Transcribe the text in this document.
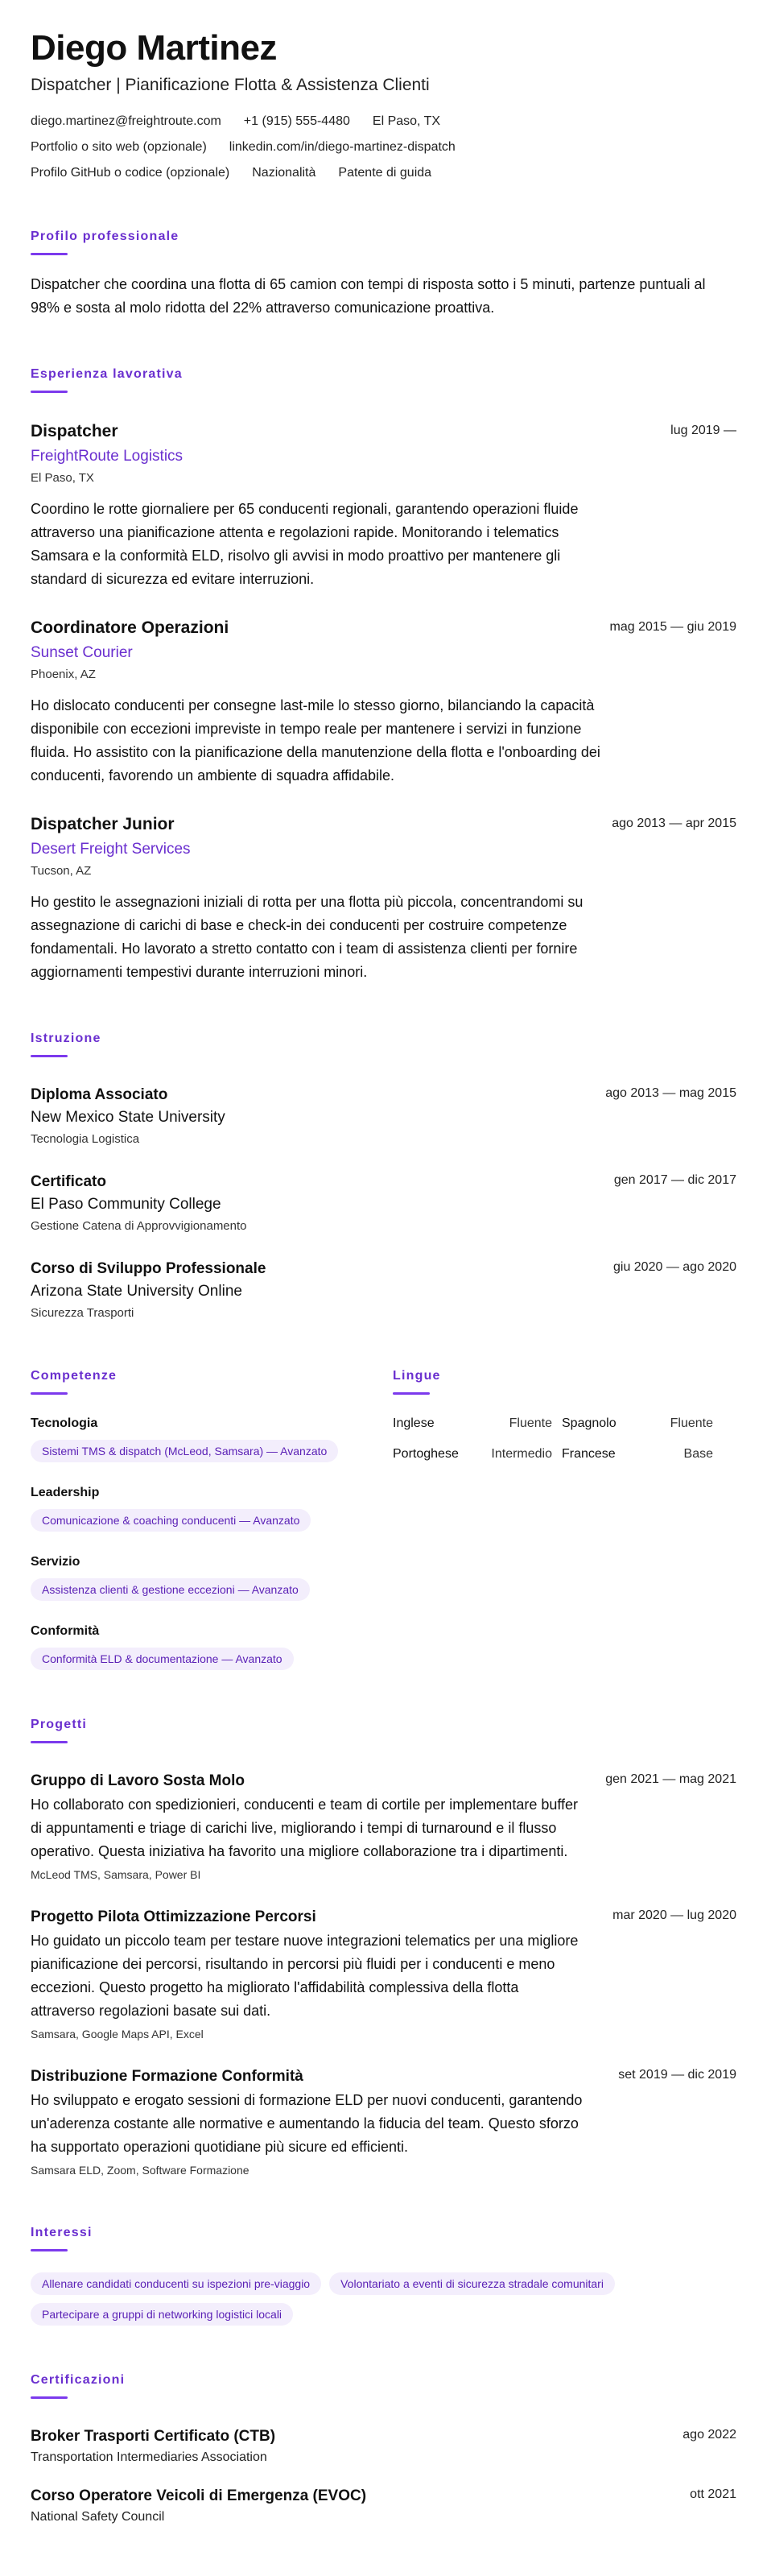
Diego Martinez
Dispatcher | Pianificazione Flotta & Assistenza Clienti
diego.martinez@freightroute.com +1 (915) 555-4480 El Paso, TX
Portfolio o sito web (opzionale) linkedin.com/in/diego-martinez-dispatch
Profilo GitHub o codice (opzionale) Nazionalità Patente di guida
Profilo professionale
Dispatcher che coordina una flotta di 65 camion con tempi di risposta sotto i 5 minuti, partenze puntuali al 98% e sosta al molo ridotta del 22% attraverso comunicazione proattiva.
Esperienza lavorativa
Dispatcher	lug 2019 —
FreightRoute Logistics
El Paso, TX
Coordino le rotte giornaliere per 65 conducenti regionali, garantendo operazioni fluide attraverso una pianificazione attenta e regolazioni rapide. Monitorando i telematics Samsara e la conformità ELD, risolvo gli avvisi in modo proattivo per mantenere gli standard di sicurezza ed evitare interruzioni.
Coordinatore Operazioni	mag 2015 — giu 2019
Sunset Courier
Phoenix, AZ
Ho dislocato conducenti per consegne last-mile lo stesso giorno, bilanciando la capacità disponibile con eccezioni impreviste in tempo reale per mantenere i servizi in funzione fluida. Ho assistito con la pianificazione della manutenzione della flotta e l'onboarding dei conducenti, favorendo un ambiente di squadra affidabile.
Dispatcher Junior	ago 2013 — apr 2015
Desert Freight Services
Tucson, AZ
Ho gestito le assegnazioni iniziali di rotta per una flotta più piccola, concentrandomi su assegnazione di carichi di base e check-in dei conducenti per costruire competenze fondamentali. Ho lavorato a stretto contatto con i team di assistenza clienti per fornire aggiornamenti tempestivi durante interruzioni minori.
Istruzione
Diploma Associato	ago 2013 — mag 2015
New Mexico State University
Tecnologia Logistica
Certificato	gen 2017 — dic 2017
El Paso Community College
Gestione Catena di Approvvigionamento
Corso di Sviluppo Professionale	giu 2020 — ago 2020
Arizona State University Online
Sicurezza Trasporti
Competenze
Tecnologia
Sistemi TMS & dispatch (McLeod, Samsara) — Avanzato
Leadership
Comunicazione & coaching conducenti — Avanzato
Servizio
Assistenza clienti & gestione eccezioni — Avanzato
Conformità
Conformità ELD & documentazione — Avanzato
Lingue
Inglese	Fluente Spagnolo	Fluente
Portoghese	Intermedio Francese	Base
Progetti
Gruppo di Lavoro Sosta Molo	gen 2021 — mag 2021
Ho collaborato con spedizionieri, conducenti e team di cortile per implementare buffer di appuntamenti e triage di carichi live, migliorando i tempi di turnaround e il flusso operativo. Questa iniziativa ha favorito una migliore collaborazione tra i dipartimenti.
McLeod TMS, Samsara, Power BI
Progetto Pilota Ottimizzazione Percorsi	mar 2020 — lug 2020
Ho guidato un piccolo team per testare nuove integrazioni telematics per una migliore pianificazione dei percorsi, risultando in percorsi più fluidi per i conducenti e meno eccezioni. Questo progetto ha migliorato l'affidabilità complessiva della flotta attraverso regolazioni basate sui dati.
Samsara, Google Maps API, Excel
Distribuzione Formazione Conformità	set 2019 — dic 2019
Ho sviluppato e erogato sessioni di formazione ELD per nuovi conducenti, garantendo un'aderenza costante alle normative e aumentando la fiducia del team. Questo sforzo ha supportato operazioni quotidiane più sicure ed efficienti.
Samsara ELD, Zoom, Software Formazione
Interessi
Allenare candidati conducenti su ispezioni pre-viaggio	Volontariato a eventi di sicurezza stradale comunitari
Partecipare a gruppi di networking logistici locali
Certificazioni
Broker Trasporti Certificato (CTB)	ago 2022
Transportation Intermediaries Association
Corso Operatore Veicoli di Emergenza (EVOC)	ott 2021
National Safety Council
